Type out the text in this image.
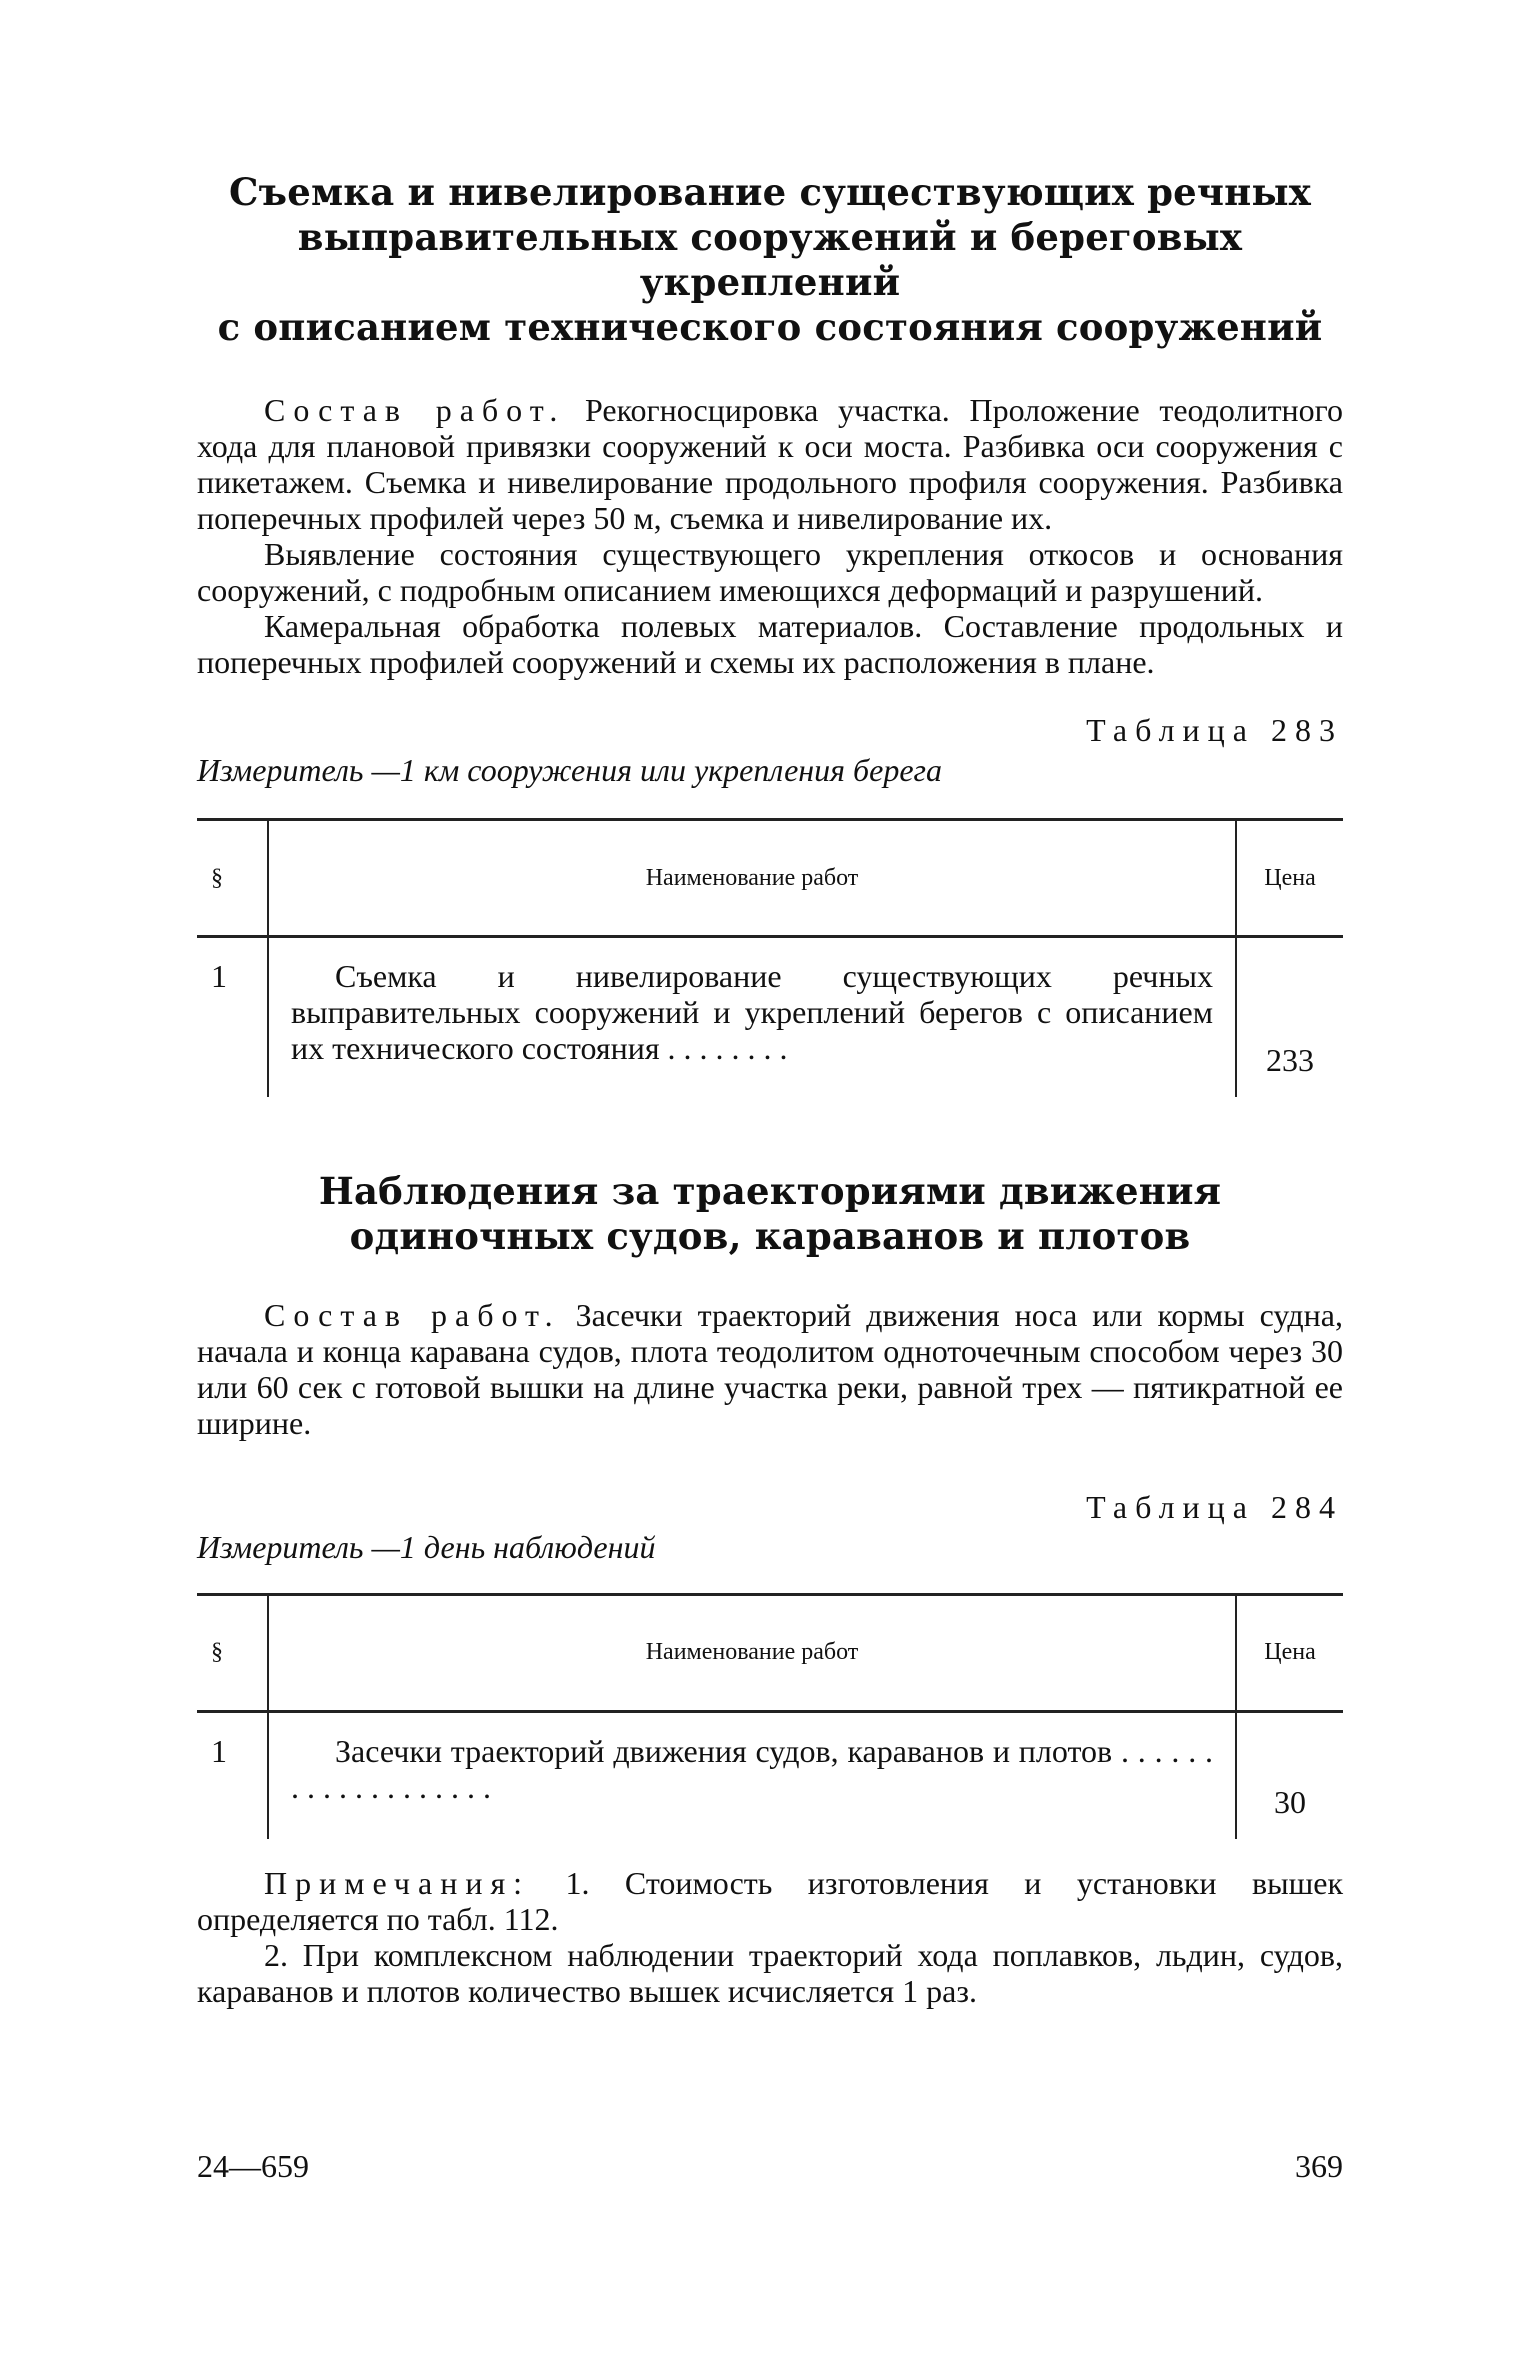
Съемка и нивелирование существующих речных
выправительных сооружений и береговых укреплений
с описанием технического состояния сооружений

Состав работ. Рекогносцировка участка. Проложение теодолитного хода для плановой привязки сооружений к оси моста. Разбивка оси сооружения с пикетажем. Съемка и нивелирование продольного профиля сооружения. Разбивка поперечных профилей через 50 м, съемка и нивелирование их.

Выявление состояния существующего укрепления откосов и основания сооружений, с подробным описанием имеющихся деформаций и разрушений.

Камеральная обработка полевых материалов. Составление продольных и поперечных профилей сооружений и схемы их расположения в плане.

Таблица 283
Измеритель —1 км сооружения или укрепления берега
§	Наименование работ	Цена
1	Съемка и нивелирование существующих речных выправительных сооружений и укреплений берегов с описанием их технического состояния . . . . . . . .	233
Наблюдения за траекториями движения
одиночных судов, караванов и плотов

Состав работ. Засечки траекторий движения носа или кормы судна, начала и конца каравана судов, плота теодолитом одноточечным способом через 30 или 60 сек с готовой вышки на длине участка реки, равной трех — пятикратной ее ширине.

Таблица 284
Измеритель —1 день наблюдений
§	Наименование работ	Цена
1	Засечки траекторий движения судов, караванов и плотов . . . . . . . . . . . . . . . . . . .	30

Примечания: 1. Стоимость изготовления и установки вышек определяется по табл. 112.

2. При комплексном наблюдении траекторий хода поплавков, льдин, судов, караванов и плотов количество вышек исчисляется 1 раз.

24—659	369
